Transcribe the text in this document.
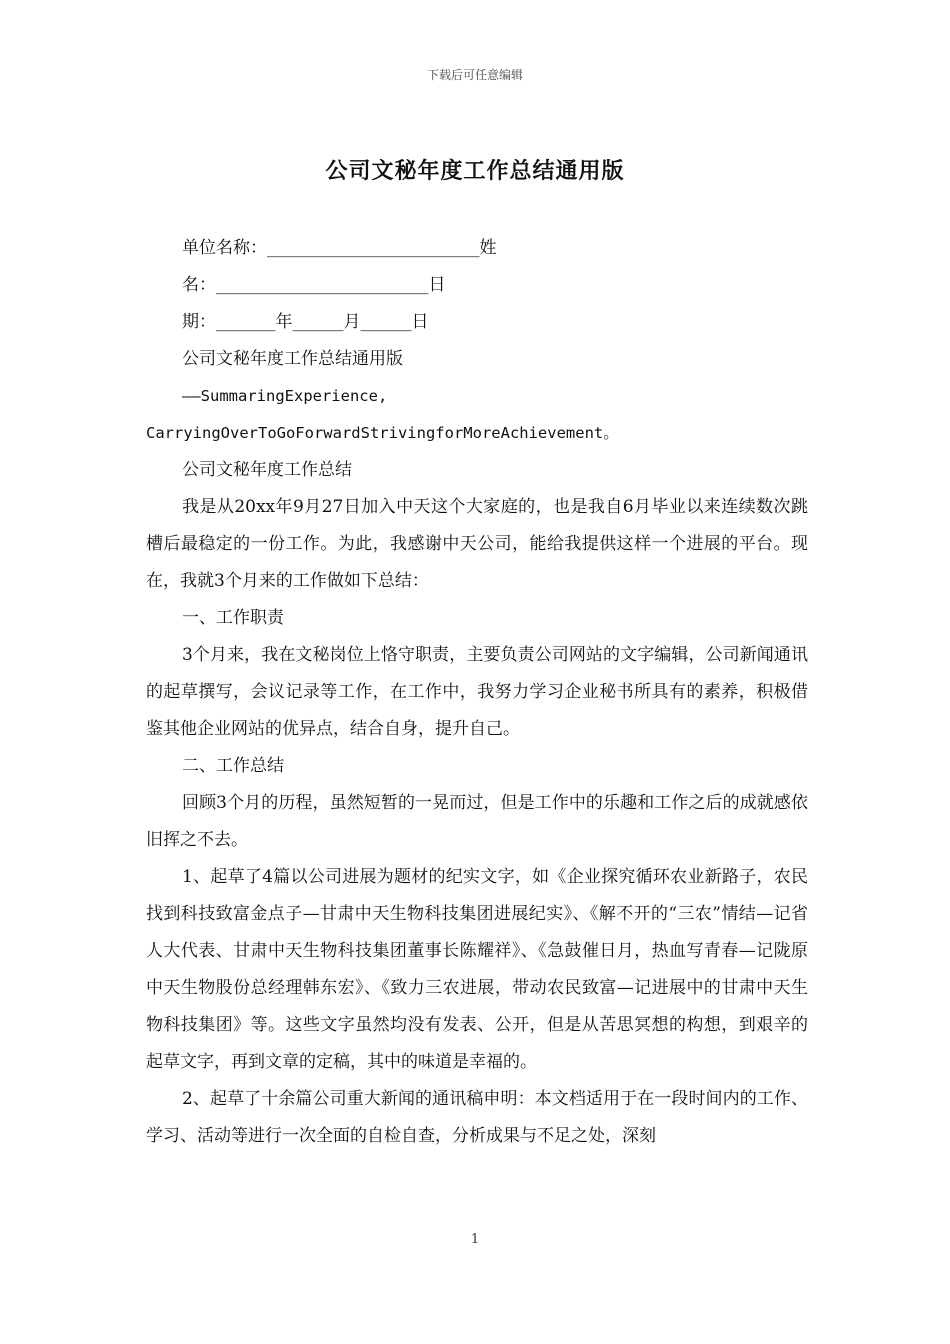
下载后可任意编辑
公司文秘年度工作总结通用版
单位名称：_________________________姓
名：_________________________日
期：_______年______月______日
公司文秘年度工作总结通用版
——SummaringExperience,
CarryingOverToGoForwardStrivingforMoreAchievement。
公司文秘年度工作总结

我是从20xx年9月27日加入中天这个大家庭的，也是我自6月毕业以来连续数次跳槽后最稳定的一份工作。为此，我感谢中天公司，能给我提供这样一个进展的平台。现在，我就3个月来的工作做如下总结：

一、工作职责

3个月来，我在文秘岗位上恪守职责，主要负责公司网站的文字编辑，公司新闻通讯的起草撰写，会议记录等工作，在工作中，我努力学习企业秘书所具有的素养，积极借鉴其他企业网站的优异点，结合自身，提升自己。

二、工作总结

回顾3个月的历程，虽然短暂的一晃而过，但是工作中的乐趣和工作之后的成就感依旧挥之不去。

1、起草了4篇以公司进展为题材的纪实文字，如《企业探究循环农业新路子，农民找到科技致富金点子—甘肃中天生物科技集团进展纪实》、《解不开的“三农”情结—记省人大代表、甘肃中天生物科技集团董事长陈耀祥》、《急鼓催日月，热血写青春—记陇原中天生物股份总经理韩东宏》、《致力三农进展，带动农民致富—记进展中的甘肃中天生物科技集团》等。这些文字虽然均没有发表、公开，但是从苦思冥想的构想，到艰辛的起草文字，再到文章的定稿，其中的味道是幸福的。

2、起草了十余篇公司重大新闻的通讯稿申明：本文档适用于在一段时间内的工作、学习、活动等进行一次全面的自检自查，分析成果与不足之处，深刻

1
